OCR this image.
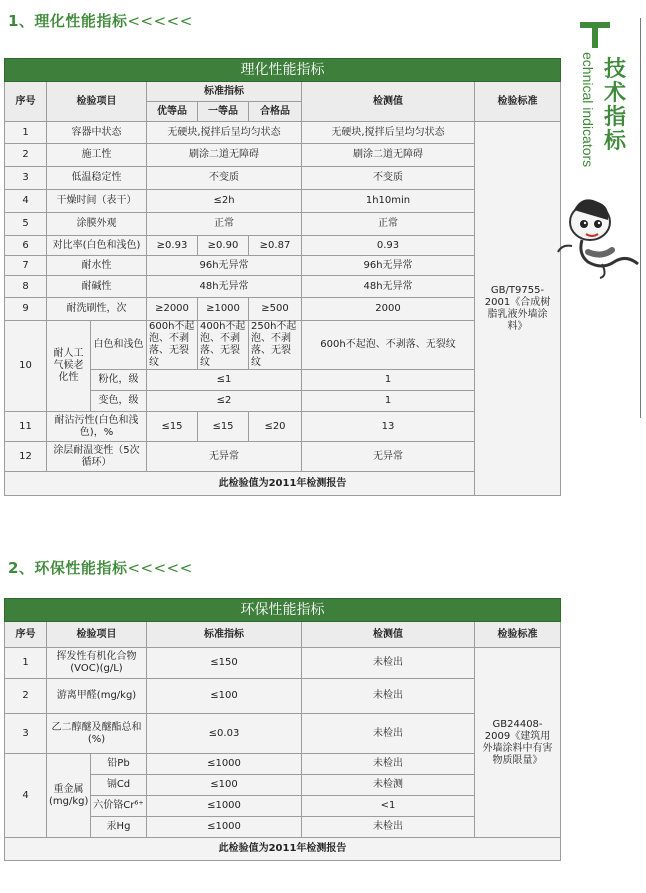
1、理化性能指标<<<<<
理化性能指标							
序号	检验项目		标准指标			检测值	检验标准
			优等品	一等品	合格品		
1	容器中状态		无硬块,搅拌后呈均匀状态			无硬块,搅拌后呈均匀状态	GB/T9755-2001《合成树脂乳液外墙涂料》
2	施工性		刷涂二道无障碍			刷涂二道无障碍	
3	低温稳定性		不变质			不变质	
4	干燥时间（表干）		≤2h			1h10min	
5	涂膜外观		正常			正常	
6	对比率(白色和浅色)		≥0.93	≥0.90	≥0.87	0.93	
7	耐水性		96h无异常			96h无异常	
8	耐碱性		48h无异常			48h无异常	
9	耐洗刷性，次		≥2000	≥1000	≥500	2000	
10	耐人工气候老化性	白色和浅色	600h不起泡、不剥落、无裂纹	400h不起泡、不剥落、无裂纹	250h不起泡、不剥落、无裂纹	600h不起泡、不剥落、无裂纹	
		粉化，级	≤1			1	
		变色，级	≤2			1	
11	耐沾污性(白色和浅色)，%		≤15	≤15	≤20	13	
12	涂层耐温变性（5次循环）		无异常			无异常	
此检验值为2011年检测报告							
2、环保性能指标<<<<<
环保性能指标					
序号	检验项目		标准指标	检测值	检验标准
1	挥发性有机化合物(VOC)(g/L)		≤150	未检出	GB24408-2009《建筑用外墙涂料中有害物质限量》
2	游离甲醛(mg/kg)		≤100	未检出	
3	乙二醇醚及醚酯总和(%)		≤0.03	未检出	
4	重金属(mg/kg)	铅Pb	≤1000	未检出	
		镉Cd	≤100	未检测	
		六价铬Cr⁶⁺	≤1000	<1	
		汞Hg	≤1000	未检出	
此检验值为2011年检测报告					
echnical indicators 技术指标
